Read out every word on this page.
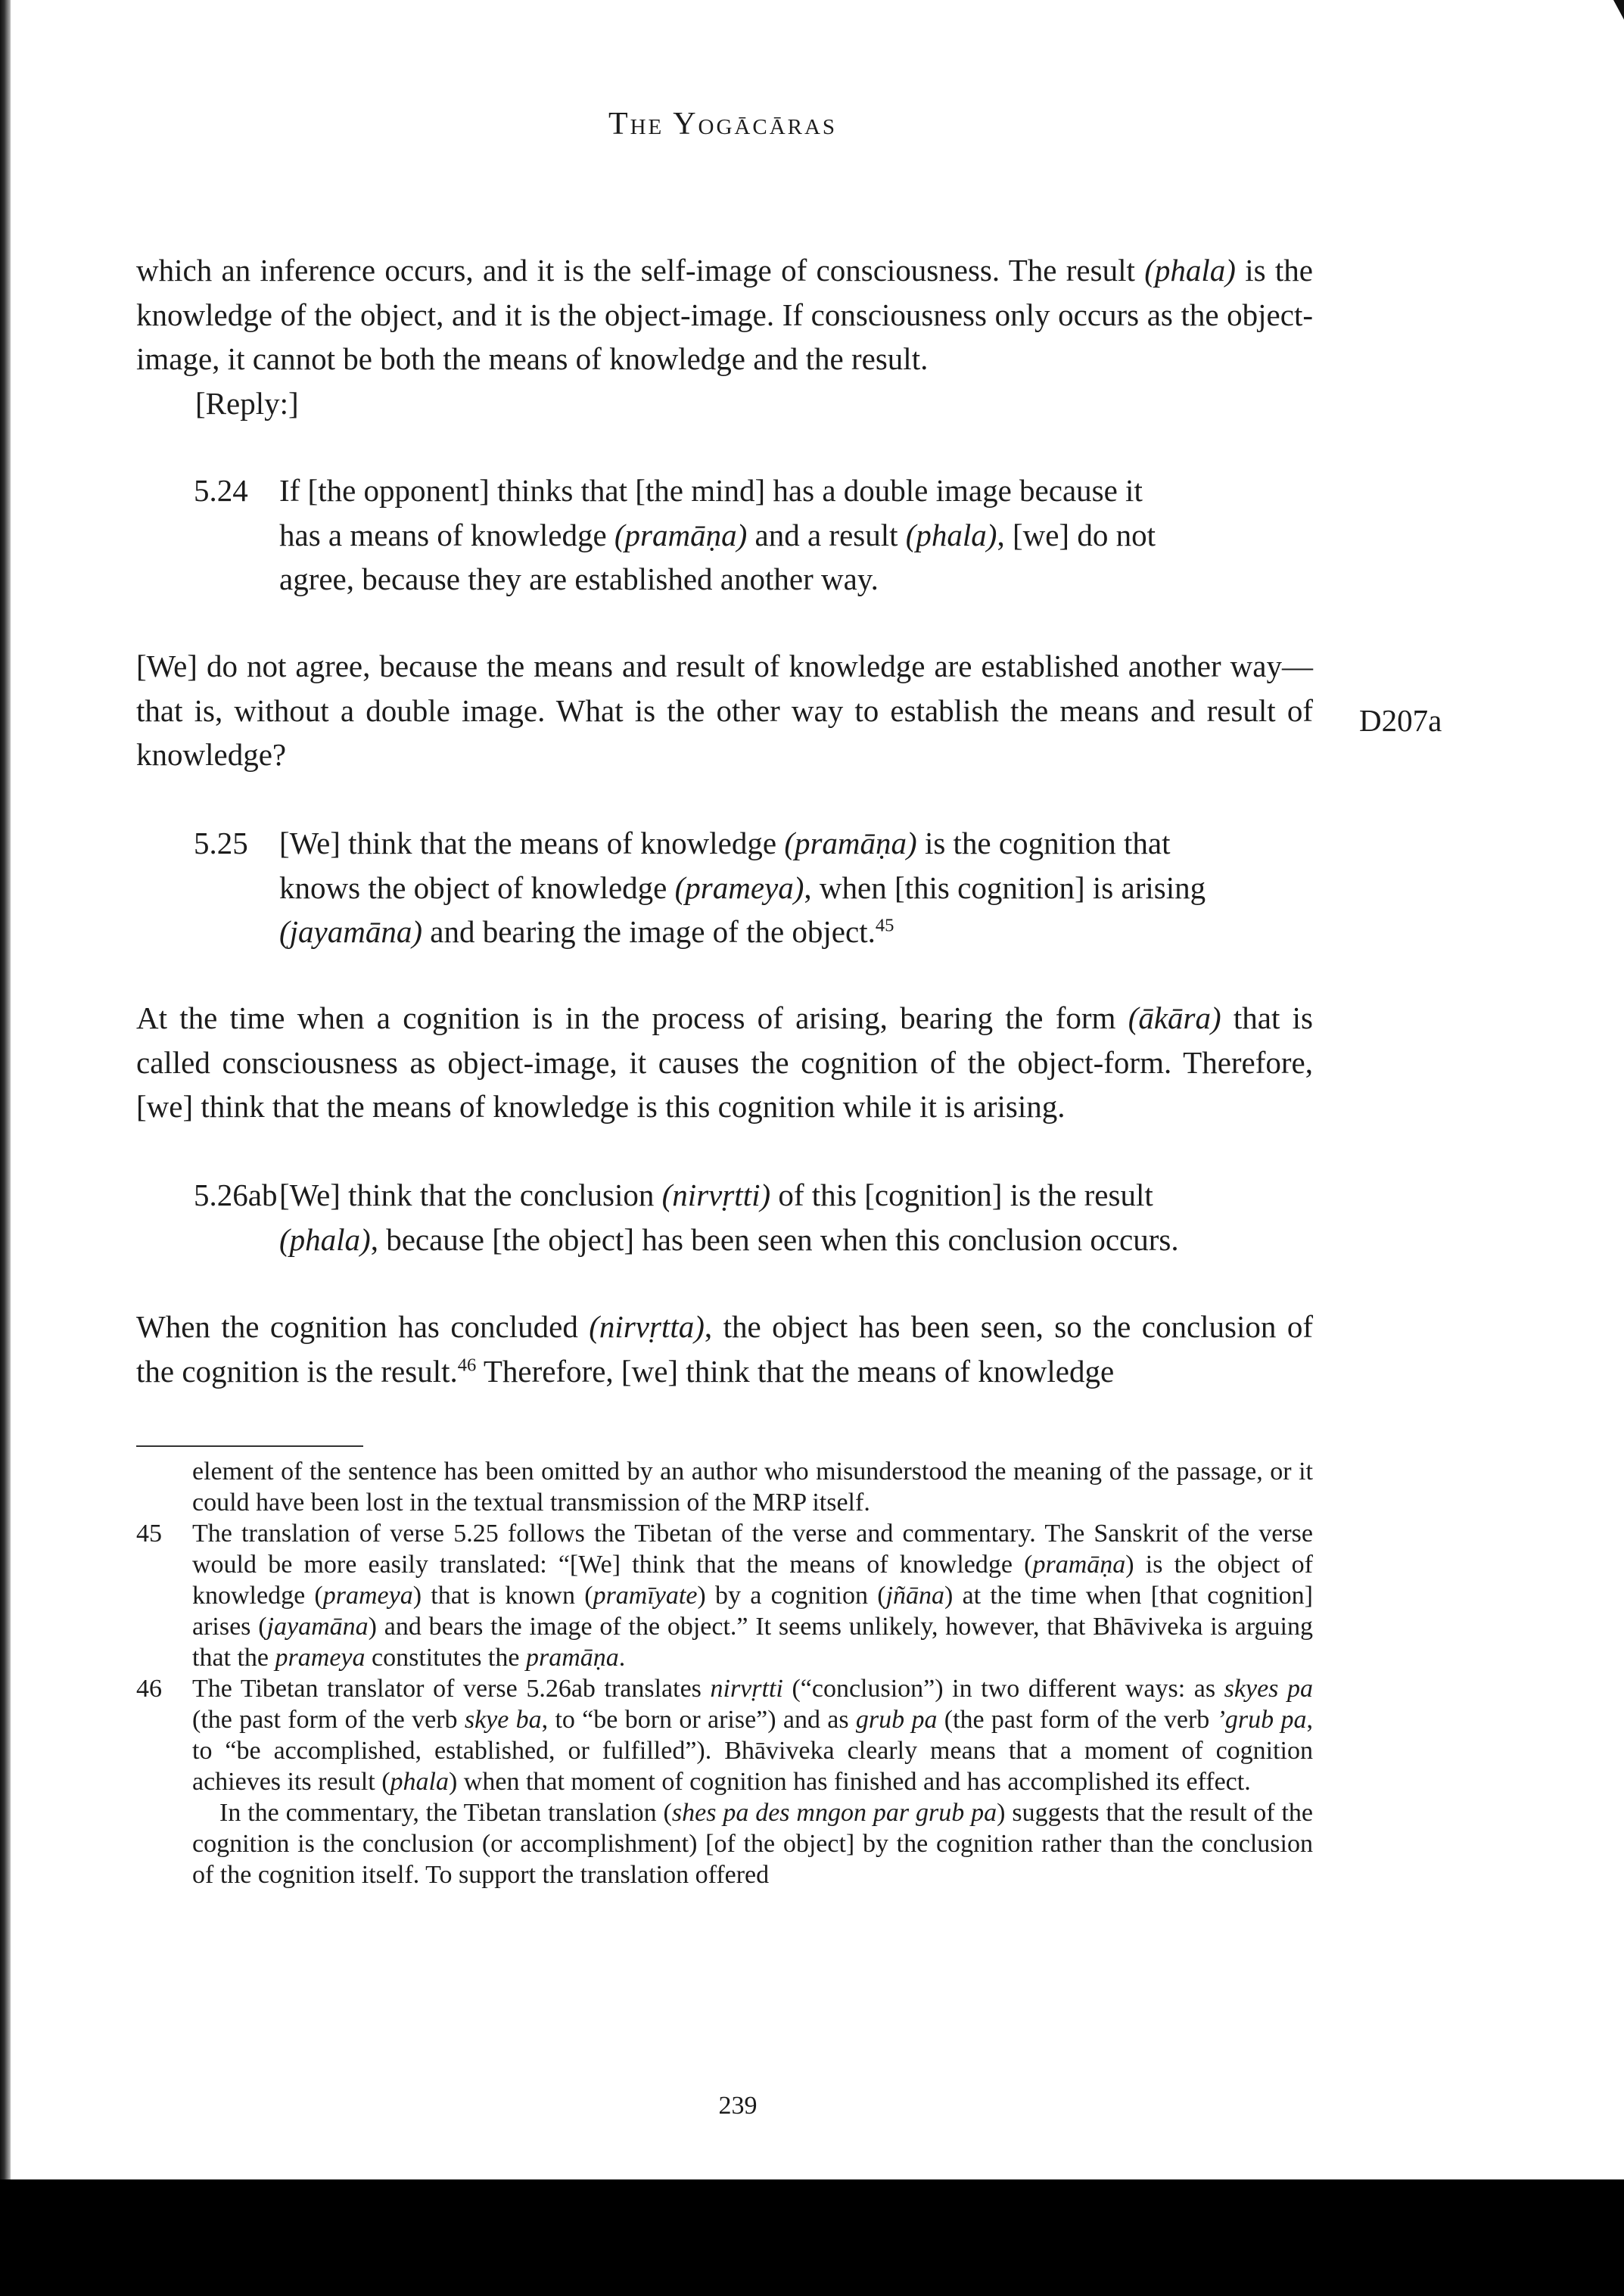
The Yogācāras

which an inference occurs, and it is the self-image of consciousness. The result (phala) is the knowledge of the object, and it is the object-image. If consciousness only occurs as the object-image, it cannot be both the means of knowledge and the result.

[Reply:]

5.24 If [the opponent] thinks that [the mind] has a double image because it
has a means of knowledge (pramāṇa) and a result (phala), [we] do not
agree, because they are established another way.

[We] do not agree, because the means and result of knowledge are established another way—that is, without a double image. What is the other way to establish the means and result of knowledge?

D207a
5.25 [We] think that the means of knowledge (pramāṇa) is the cognition that
knows the object of knowledge (prameya), when [this cognition] is arising
(jayamāna) and bearing the image of the object.$^{45}$

At the time when a cognition is in the process of arising, bearing the form (ākāra) that is called consciousness as object-image, it causes the cognition of the object-form. Therefore, [we] think that the means of knowledge is this cognition while it is arising.

5.26ab[We] think that the conclusion (nirvṛtti) of this [cognition] is the result
(phala), because [the object] has been seen when this conclusion occurs.

When the cognition has concluded (nirvṛtta), the object has been seen, so the conclusion of the cognition is the result.$^{46}$ Therefore, [we] think that the means of knowledge

element of the sentence has been omitted by an author who misunderstood the meaning of the passage, or it could have been lost in the textual transmission of the MRP itself.

45 The translation of verse 5.25 follows the Tibetan of the verse and commentary. The Sanskrit of the verse would be more easily translated: “[We] think that the means of knowledge (pramāṇa) is the object of knowledge (prameya) that is known (pramīyate) by a cognition (jñāna) at the time when [that cognition] arises (jayamāna) and bears the image of the object.” It seems unlikely, however, that Bhāviveka is arguing that the prameya constitutes the pramāṇa.

46 The Tibetan translator of verse 5.26ab translates nirvṛtti (“conclusion”) in two different ways: as skyes pa (the past form of the verb skye ba, to “be born or arise”) and as grub pa (the past form of the verb ’grub pa, to “be accomplished, established, or fulfilled”). Bhāviveka clearly means that a moment of cognition achieves its result (phala) when that moment of cognition has finished and has accomplished its effect.

In the commentary, the Tibetan translation (shes pa des mngon par grub pa) suggests that the result of the cognition is the conclusion (or accomplishment) [of the object] by the cognition rather than the conclusion of the cognition itself. To support the translation offered

239
